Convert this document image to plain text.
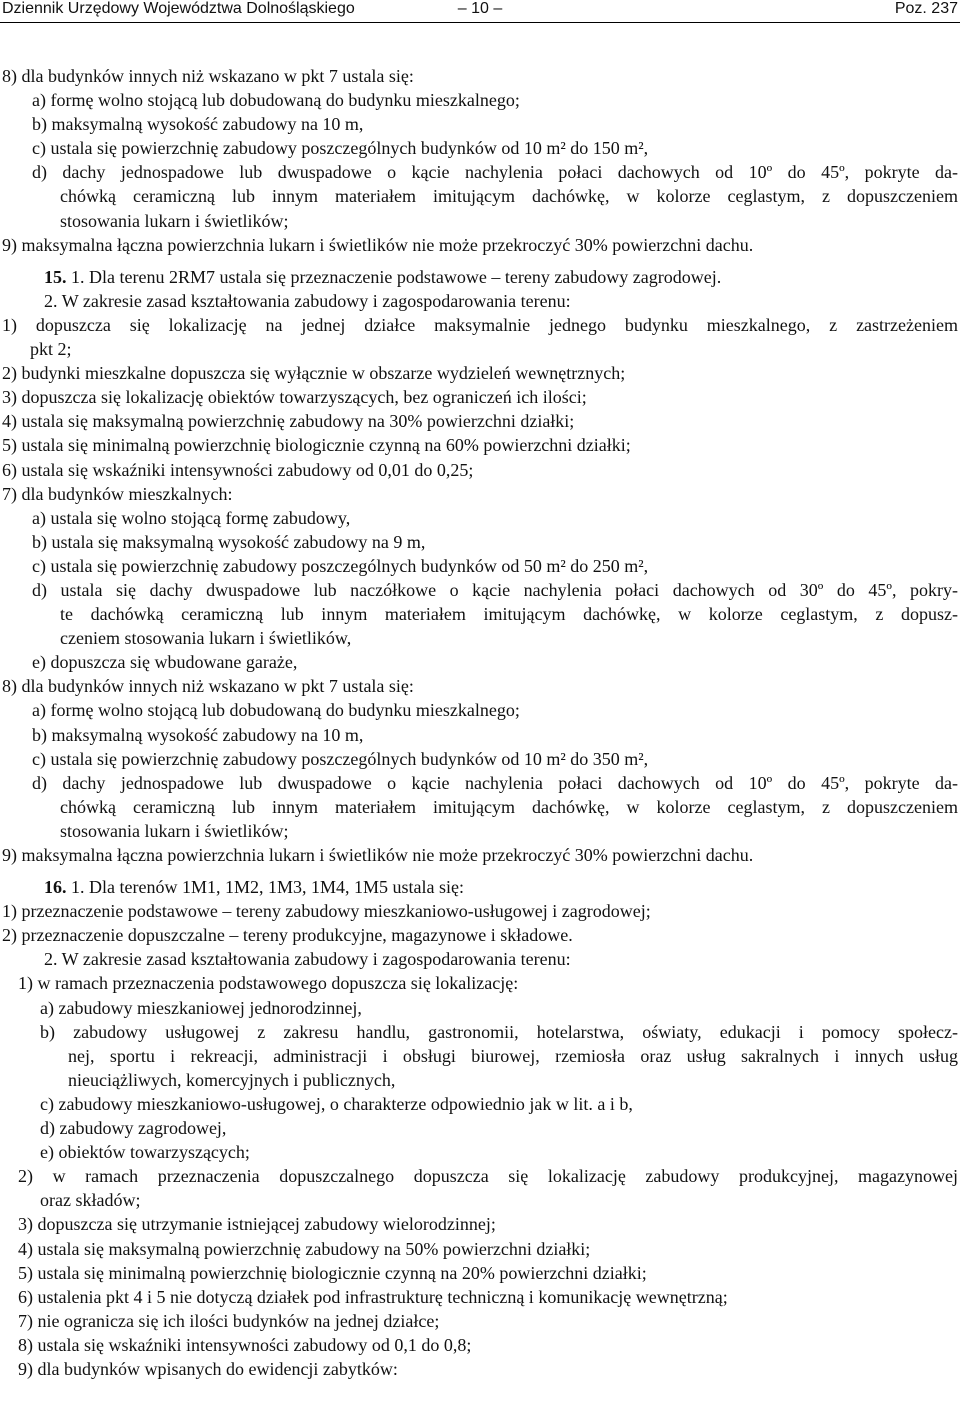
Dziennik Urzędowy Województwa Dolnośląskiego	– 10 –	Poz. 237
8) dla budynków innych niż wskazano w pkt 7 ustala się:
a) formę wolno stojącą lub dobudowaną do budynku mieszkalnego;
b) maksymalną wysokość zabudowy na 10 m,
c) ustala się powierzchnię zabudowy poszczególnych budynków od 10 m² do 150 m²,
d) dachy jednospadowe lub dwuspadowe o kącie nachylenia połaci dachowych od 10º do 45º, pokryte da-
chówką ceramiczną lub innym materiałem imitującym dachówkę, w kolorze ceglastym, z dopuszczeniem
stosowania lukarn i świetlików;
9) maksymalna łączna powierzchnia lukarn i świetlików nie może przekroczyć 30% powierzchni dachu.
15. 1. Dla terenu 2RM7 ustala się przeznaczenie podstawowe – tereny zabudowy zagrodowej.
2. W zakresie zasad kształtowania zabudowy i zagospodarowania terenu:
1) dopuszcza się lokalizację na jednej działce maksymalnie jednego budynku mieszkalnego, z zastrzeżeniem
pkt 2;
2) budynki mieszkalne dopuszcza się wyłącznie w obszarze wydzieleń wewnętrznych;
3) dopuszcza się lokalizację obiektów towarzyszących, bez ograniczeń ich ilości;
4) ustala się maksymalną powierzchnię zabudowy na 30% powierzchni działki;
5) ustala się minimalną powierzchnię biologicznie czynną na 60% powierzchni działki;
6) ustala się wskaźniki intensywności zabudowy od 0,01 do 0,25;
7) dla budynków mieszkalnych:
a) ustala się wolno stojącą formę zabudowy,
b) ustala się maksymalną wysokość zabudowy na 9 m,
c) ustala się powierzchnię zabudowy poszczególnych budynków od 50 m² do 250 m²,
d) ustala się dachy dwuspadowe lub naczółkowe o kącie nachylenia połaci dachowych od 30º do 45º, pokry-
te dachówką ceramiczną lub innym materiałem imitującym dachówkę, w kolorze ceglastym, z dopusz-
czeniem stosowania lukarn i świetlików,
e) dopuszcza się wbudowane garaże,
8) dla budynków innych niż wskazano w pkt 7 ustala się:
a) formę wolno stojącą lub dobudowaną do budynku mieszkalnego;
b) maksymalną wysokość zabudowy na 10 m,
c) ustala się powierzchnię zabudowy poszczególnych budynków od 10 m² do 350 m²,
d) dachy jednospadowe lub dwuspadowe o kącie nachylenia połaci dachowych od 10º do 45º, pokryte da-
chówką ceramiczną lub innym materiałem imitującym dachówkę, w kolorze ceglastym, z dopuszczeniem
stosowania lukarn i świetlików;
9) maksymalna łączna powierzchnia lukarn i świetlików nie może przekroczyć 30% powierzchni dachu.
16. 1. Dla terenów 1M1, 1M2, 1M3, 1M4, 1M5 ustala się:
1) przeznaczenie podstawowe – tereny zabudowy mieszkaniowo-usługowej i zagrodowej;
2) przeznaczenie dopuszczalne – tereny produkcyjne, magazynowe i składowe.
2. W zakresie zasad kształtowania zabudowy i zagospodarowania terenu:
1) w ramach przeznaczenia podstawowego dopuszcza się lokalizację:
a) zabudowy mieszkaniowej jednorodzinnej,
b) zabudowy usługowej z zakresu handlu, gastronomii, hotelarstwa, oświaty, edukacji i pomocy społecz-
nej, sportu i rekreacji, administracji i obsługi biurowej, rzemiosła oraz usług sakralnych i innych usług
nieuciążliwych, komercyjnych i publicznych,
c) zabudowy mieszkaniowo-usługowej, o charakterze odpowiednio jak w lit. a i b,
d) zabudowy zagrodowej,
e) obiektów towarzyszących;
2) w ramach przeznaczenia dopuszczalnego dopuszcza się lokalizację zabudowy produkcyjnej, magazynowej
oraz składów;
3) dopuszcza się utrzymanie istniejącej zabudowy wielorodzinnej;
4) ustala się maksymalną powierzchnię zabudowy na 50% powierzchni działki;
5) ustala się minimalną powierzchnię biologicznie czynną na 20% powierzchni działki;
6) ustalenia pkt 4 i 5 nie dotyczą działek pod infrastrukturę techniczną i komunikację wewnętrzną;
7) nie ogranicza się ich ilości budynków na jednej działce;
8) ustala się wskaźniki intensywności zabudowy od 0,1 do 0,8;
9) dla budynków wpisanych do ewidencji zabytków:
